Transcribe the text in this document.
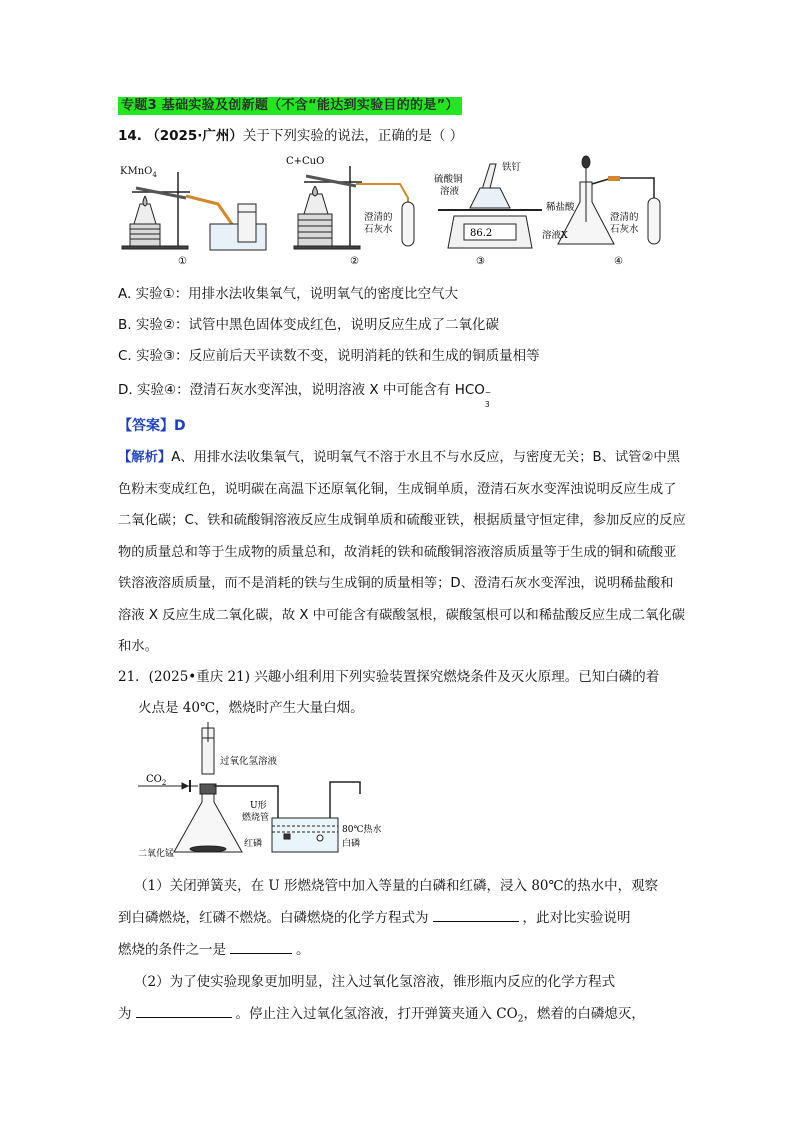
专题3 基础实验及创新题（不含“能达到实验目的的是”）
14. （2025·广州）关于下列实验的说法，正确的是（ ）
KMnO$_4$
①
C+CuO
澄清的
石灰水
②
86.2
硫酸铜
溶液
铁钉
③
稀盐酸
溶液X
澄清的
石灰水
④
A. 实验①：用排水法收集氧气，说明氧气的密度比空气大
B. 实验②：试管中黑色固体变成红色，说明反应生成了二氧化碳
C. 实验③：反应前后天平读数不变，说明消耗的铁和生成的铜质量相等
D. 实验④：澄清石灰水变浑浊，说明溶液 X 中可能含有 HCO −
3
【答案】D
【解析】A、用排水法收集氧气，说明氧气不溶于水且不与水反应，与密度无关；B、试管②中黑色粉末变成红色，说明碳在高温下还原氧化铜，生成铜单质，澄清石灰水变浑浊说明反应生成了二氧化碳；C、铁和硫酸铜溶液反应生成铜单质和硫酸亚铁，根据质量守恒定律，参加反应的反应物的质量总和等于生成物的质量总和，故消耗的铁和硫酸铜溶液溶质质量等于生成的铜和硫酸亚铁溶液溶质质量，而不是消耗的铁与生成铜的质量相等；D、澄清石灰水变浑浊，说明稀盐酸和溶液 X 反应生成二氧化碳，故 X 中可能含有碳酸氢根，碳酸氢根可以和稀盐酸反应生成二氧化碳和水。
21．(2025•重庆 21) 兴趣小组利用下列实验装置探究燃烧条件及灭火原理。已知白磷的着
火点是 40℃，燃烧时产生大量白烟。
$CO_2$
过氧化氢溶液
U形
燃烧管
红磷
80℃热水
白磷
二氧化锰
（1）关闭弹簧夹，在 U 形燃烧管中加入等量的白磷和红磷，浸入 80℃的热水中，观察
到白磷燃烧，红磷不燃烧。白磷燃烧的化学方程式为	，此对比实验说明
燃烧的条件之一是	。
（2）为了使实验现象更加明显，注入过氧化氢溶液，锥形瓶内反应的化学方程式
为	。停止注入过氧化氢溶液，打开弹簧夹通入 $CO_2$，燃着的白磷熄灭，
